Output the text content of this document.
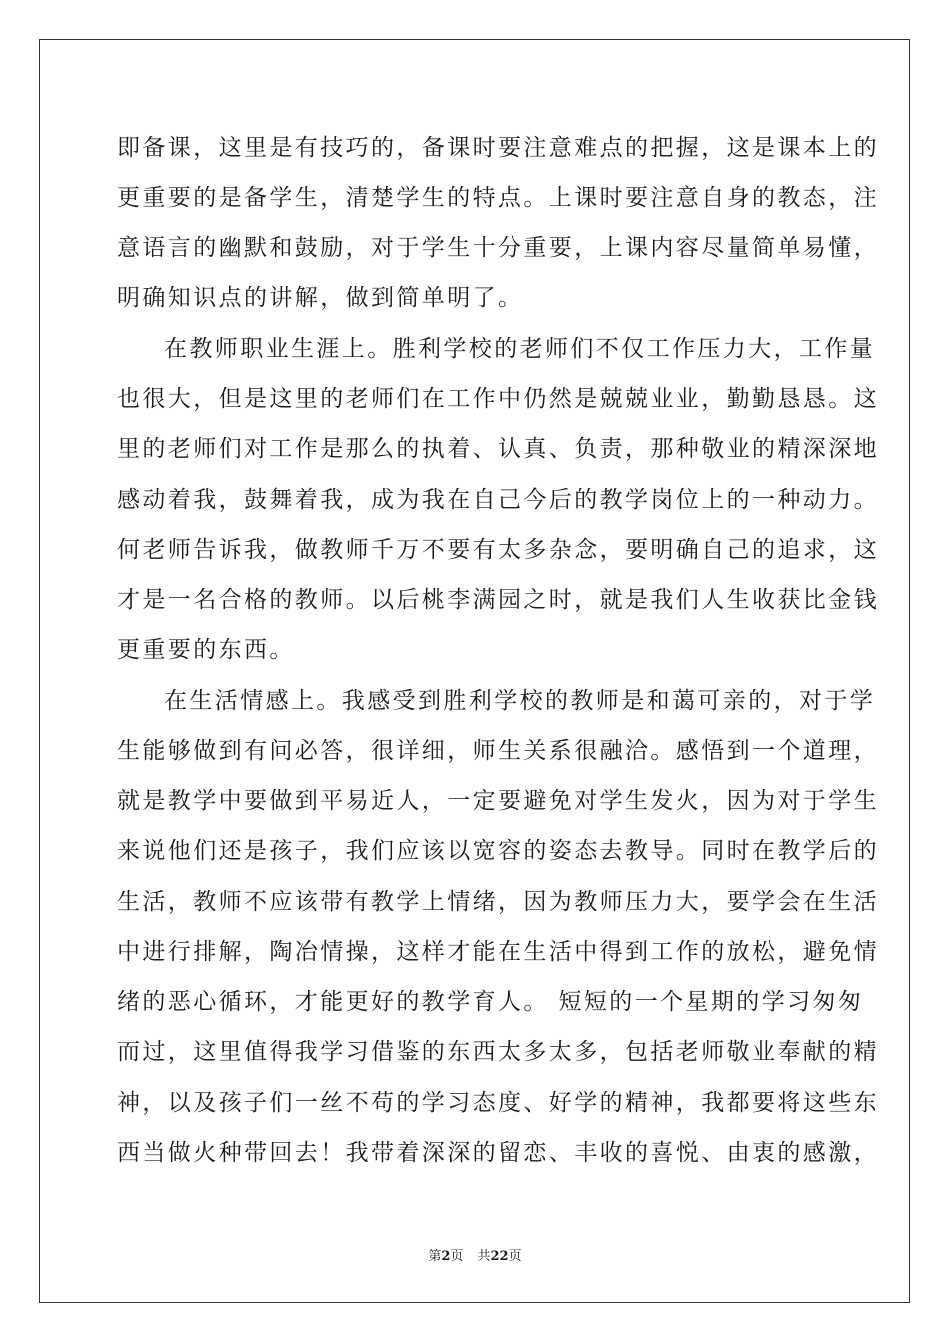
即备课，这里是有技巧的，备课时要注意难点的把握，这是课本上的
更重要的是备学生，清楚学生的特点。上课时要注意自身的教态，注
意语言的幽默和鼓励，对于学生十分重要，上课内容尽量简单易懂，
明确知识点的讲解，做到简单明了。
在教师职业生涯上。胜利学校的老师们不仅工作压力大，工作量
也很大，但是这里的老师们在工作中仍然是兢兢业业，勤勤恳恳。这
里的老师们对工作是那么的执着、认真、负责，那种敬业的精深深地
感动着我，鼓舞着我，成为我在自己今后的教学岗位上的一种动力。
何老师告诉我，做教师千万不要有太多杂念，要明确自己的追求，这
才是一名合格的教师。以后桃李满园之时，就是我们人生收获比金钱
更重要的东西。
在生活情感上。我感受到胜利学校的教师是和蔼可亲的，对于学
生能够做到有问必答，很详细，师生关系很融洽。感悟到一个道理，
就是教学中要做到平易近人，一定要避免对学生发火，因为对于学生
来说他们还是孩子，我们应该以宽容的姿态去教导。同时在教学后的
生活，教师不应该带有教学上情绪，因为教师压力大，要学会在生活
中进行排解，陶冶情操，这样才能在生活中得到工作的放松，避免情
绪的恶心循环，才能更好的教学育人。 短短的一个星期的学习匆匆
而过，这里值得我学习借鉴的东西太多太多，包括老师敬业奉献的精
神，以及孩子们一丝不苟的学习态度、好学的精神，我都要将这些东
西当做火种带回去！我带着深深的留恋、丰收的喜悦、由衷的感激，
第2页 共22页
